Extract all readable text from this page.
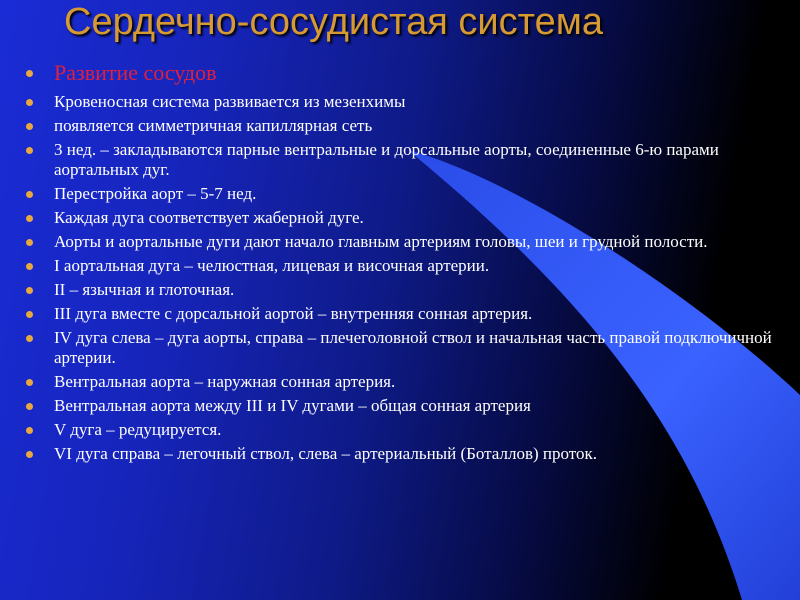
Сердечно-сосудистая система
Развитие сосудов
Кровеносная система развивается из мезенхимы
появляется симметричная капиллярная сеть
3 нед. – закладываются парные вентральные и дорсальные аорты, соединенные 6-ю парами аортальных дуг.
Перестройка аорт – 5-7 нед.
Каждая дуга соответствует жаберной дуге.
Аорты и аортальные дуги дают начало главным артериям головы, шеи и грудной полости.
I аортальная дуга – челюстная, лицевая и височная артерии.
II – язычная и глоточная.
III дуга вместе с дорсальной аортой – внутренняя сонная артерия.
IV дуга слева – дуга аорты, справа – плечеголовной ствол и начальная часть правой подключичной артерии.
Вентральная аорта – наружная сонная артерия.
Вентральная аорта между III и IV дугами – общая сонная артерия
V дуга – редуцируется.
VI дуга справа – легочный ствол, слева – артериальный (Боталлов) проток.
